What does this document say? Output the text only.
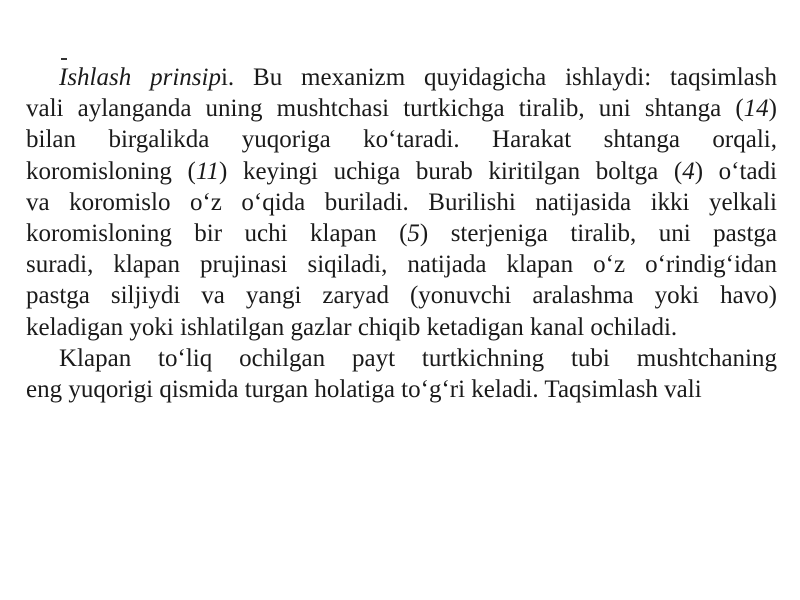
Ishlash prinsipi. Bu mexanizm quyidagicha ishlaydi: taqsimlash
vali aylanganda uning mushtchasi turtkichga tiralib, uni shtanga (14)
bilan birgalikda yuqoriga ko‘taradi. Harakat shtanga orqali,
koromisloning (11) keyingi uchiga burab kiritilgan boltga (4) o‘tadi
va koromislo o‘z o‘qida buriladi. Burilishi natijasida ikki yelkali
koromisloning bir uchi klapan (5) sterjeniga tiralib, uni pastga
suradi, klapan prujinasi siqiladi, natijada klapan o‘z o‘rindig‘idan
pastga siljiydi va yangi zaryad (yonuvchi aralashma yoki havo)
keladigan yoki ishlatilgan gazlar chiqib ketadigan kanal ochiladi.
Klapan to‘liq ochilgan payt turtkichning tubi mushtchaning
eng yuqorigi qismida turgan holatiga to‘g‘ri keladi. Taqsimlash vali
